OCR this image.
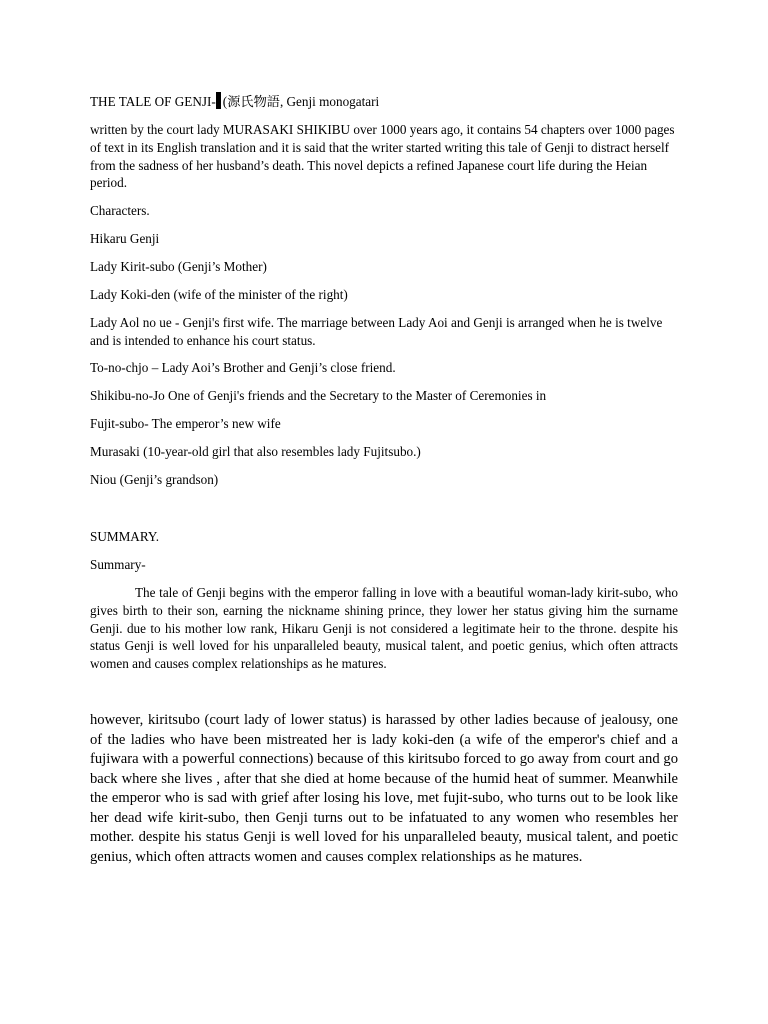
THE TALE OF GENJI- (源氏物語, Genji monogatari

written by the court lady MURASAKI SHIKIBU over 1000 years ago, it contains 54 chapters over 1000 pages of text in its English translation and it is said that the writer started writing this tale of Genji to distract herself from the sadness of her husband’s death. This novel depicts a refined Japanese court life during the Heian period.

Characters.

Hikaru Genji

Lady Kirit-subo (Genji’s Mother)

Lady Koki-den (wife of the minister of the right)

Lady Aol no ue - Genji's first wife. The marriage between Lady Aoi and Genji is arranged when he is twelve and is intended to enhance his court status.

To-no-chjo – Lady Aoi’s Brother and Genji’s close friend.

Shikibu-no-Jo One of Genji's friends and the Secretary to the Master of Ceremonies in

Fujit-subo- The emperor’s new wife

Murasaki (10-year-old girl that also resembles lady Fujitsubo.)

Niou (Genji’s grandson)

SUMMARY.

Summary-

The tale of Genji begins with the emperor falling in love with a beautiful woman-lady kirit-subo, who gives birth to their son, earning the nickname shining prince, they lower her status giving him the surname Genji. due to his mother low rank, Hikaru Genji is not considered a legitimate heir to the throne. despite his status Genji is well loved for his unparalleled beauty, musical talent, and poetic genius, which often attracts women and causes complex relationships as he matures.

however, kiritsubo (court lady of lower status) is harassed by other ladies because of jealousy, one of the ladies who have been mistreated her is lady koki-den (a wife of the emperor's chief and a fujiwara with a powerful connections) because of this kiritsubo forced to go away from court and go back where she lives , after that she died at home because of the humid heat of summer. Meanwhile the emperor who is sad with grief after losing his love, met fujit-subo, who turns out to be look like her dead wife kirit-subo, then Genji turns out to be infatuated to any women who resembles her mother. despite his status Genji is well loved for his unparalleled beauty, musical talent, and poetic genius, which often attracts women and causes complex relationships as he matures.
